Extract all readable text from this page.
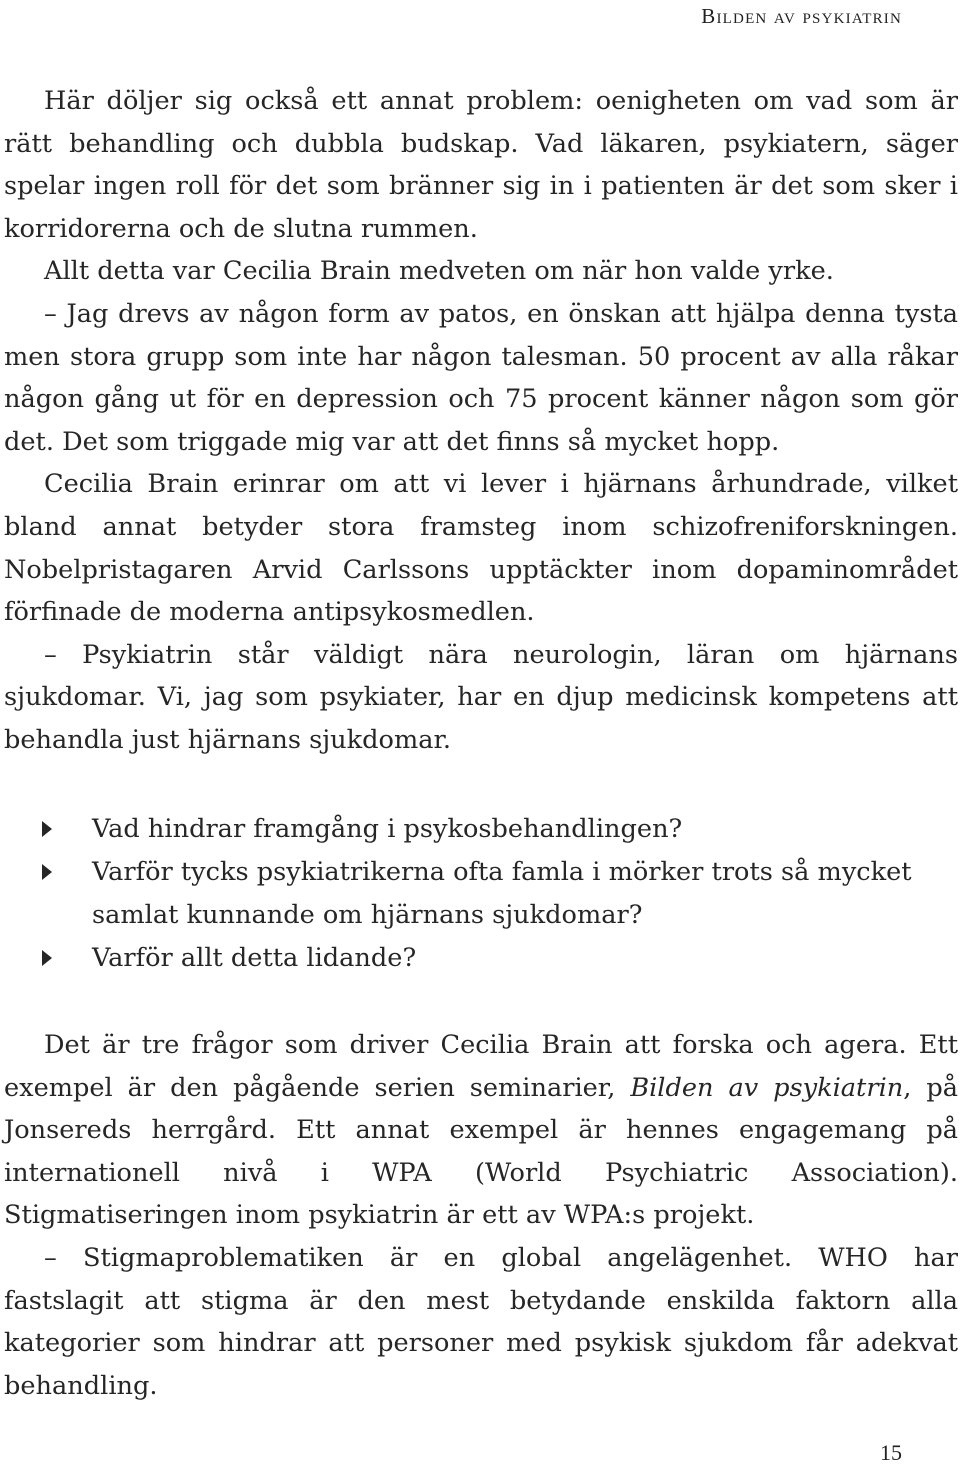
Bilden av psykiatrin

Här döljer sig också ett annat problem: oenigheten om vad som är rätt behandling och dubbla budskap. Vad läkaren, psykiatern, säger spelar ingen roll för det som bränner sig in i patienten är det som sker i korridorerna och de slutna rummen.

Allt detta var Cecilia Brain medveten om när hon valde yrke.

– Jag drevs av någon form av patos, en önskan att hjälpa denna tysta men stora grupp som inte har någon talesman. 50 procent av alla råkar någon gång ut för en depression och 75 procent känner någon som gör det. Det som triggade mig var att det finns så mycket hopp.

Cecilia Brain erinrar om att vi lever i hjärnans århundrade, vilket bland annat betyder stora framsteg inom schizofreniforskningen. Nobelpristagaren Arvid Carlssons upptäckter inom dopaminområdet förfinade de moderna antipsykosmedlen.

– Psykiatrin står väldigt nära neurologin, läran om hjärnans sjukdomar. Vi, jag som psykiater, har en djup medicinsk kompetens att behandla just hjärnans sjukdomar.

Vad hindrar framgång i psykosbehandlingen?
Varför tycks psykiatrikerna ofta famla i mörker trots så mycket samlat kunnande om hjärnans sjukdomar?
Varför allt detta lidande?

Det är tre frågor som driver Cecilia Brain att forska och agera. Ett exempel är den pågående serien seminarier, Bilden av psykiatrin, på Jonsereds herrgård. Ett annat exempel är hennes engagemang på internationell nivå i WPA (World Psychiatric Association). Stigmatiseringen inom psykiatrin är ett av WPA:s projekt.

– Stigmaproblematiken är en global angelägenhet. WHO har fastslagit att stigma är den mest betydande enskilda faktorn alla kategorier som hindrar att personer med psykisk sjukdom får adekvat behandling.

15
